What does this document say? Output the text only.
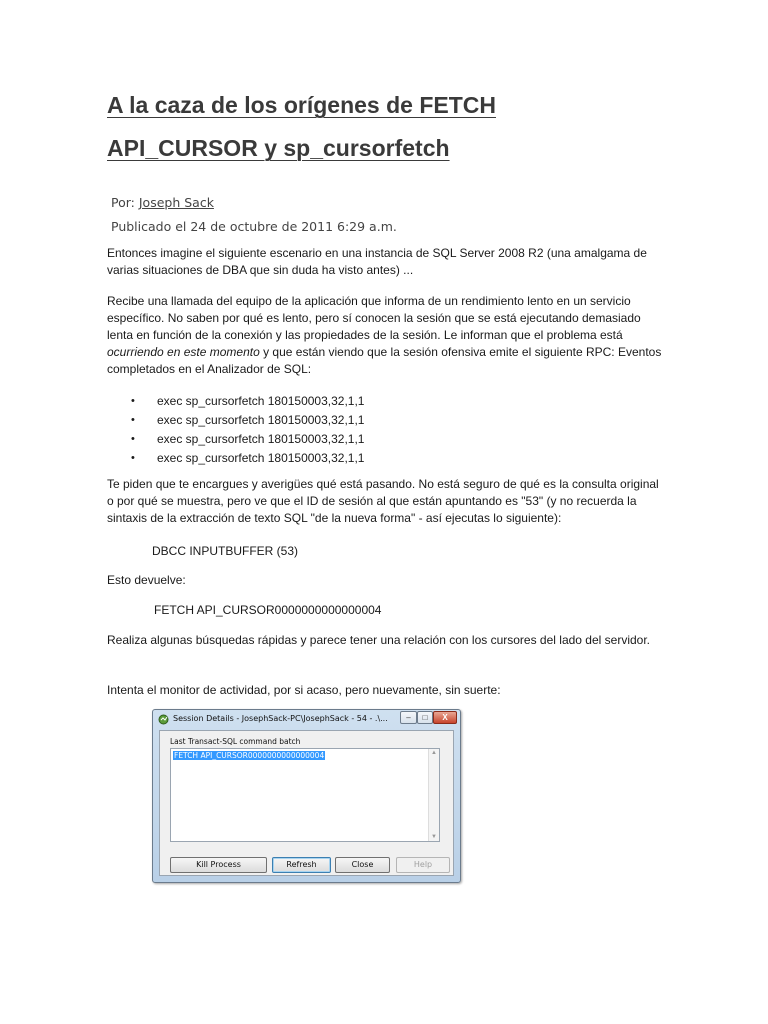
A la caza de los orígenes de FETCH
API_CURSOR y sp_cursorfetch
Por: Joseph Sack
Publicado el 24 de octubre de 2011 6:29 a.m.

Entonces imagine el siguiente escenario en una instancia de SQL Server 2008 R2 (una amalgama de varias situaciones de DBA que sin duda ha visto antes) ...

Recibe una llamada del equipo de la aplicación que informa de un rendimiento lento en un servicio específico. No saben por qué es lento, pero sí conocen la sesión que se está ejecutando demasiado lenta en función de la conexión y las propiedades de la sesión. Le informan que el problema está ocurriendo en este momento y que están viendo que la sesión ofensiva emite el siguiente RPC: Eventos completados en el Analizador de SQL:

• exec sp_cursorfetch 180150003,32,1,1
• exec sp_cursorfetch 180150003,32,1,1
• exec sp_cursorfetch 180150003,32,1,1
• exec sp_cursorfetch 180150003,32,1,1

Te piden que te encargues y averigües qué está pasando. No está seguro de qué es la consulta original o por qué se muestra, pero ve que el ID de sesión al que están apuntando es "53" (y no recuerda la sintaxis de la extracción de texto SQL "de la nueva forma" - así ejecutas lo siguiente):

DBCC INPUTBUFFER (53)

Esto devuelve:

FETCH API_CURSOR0000000000000004

Realiza algunas búsquedas rápidas y parece tener una relación con los cursores del lado del servidor.

Intenta el monitor de actividad, por si acaso, pero nuevamente, sin suerte:

Session Details - JosephSack-PC\JosephSack - 54 - .\...	–	□	X
Last Transact-SQL command batch
FETCH API_CURSOR0000000000000004	▲
▼
Kill Process	Refresh	Close	Help
